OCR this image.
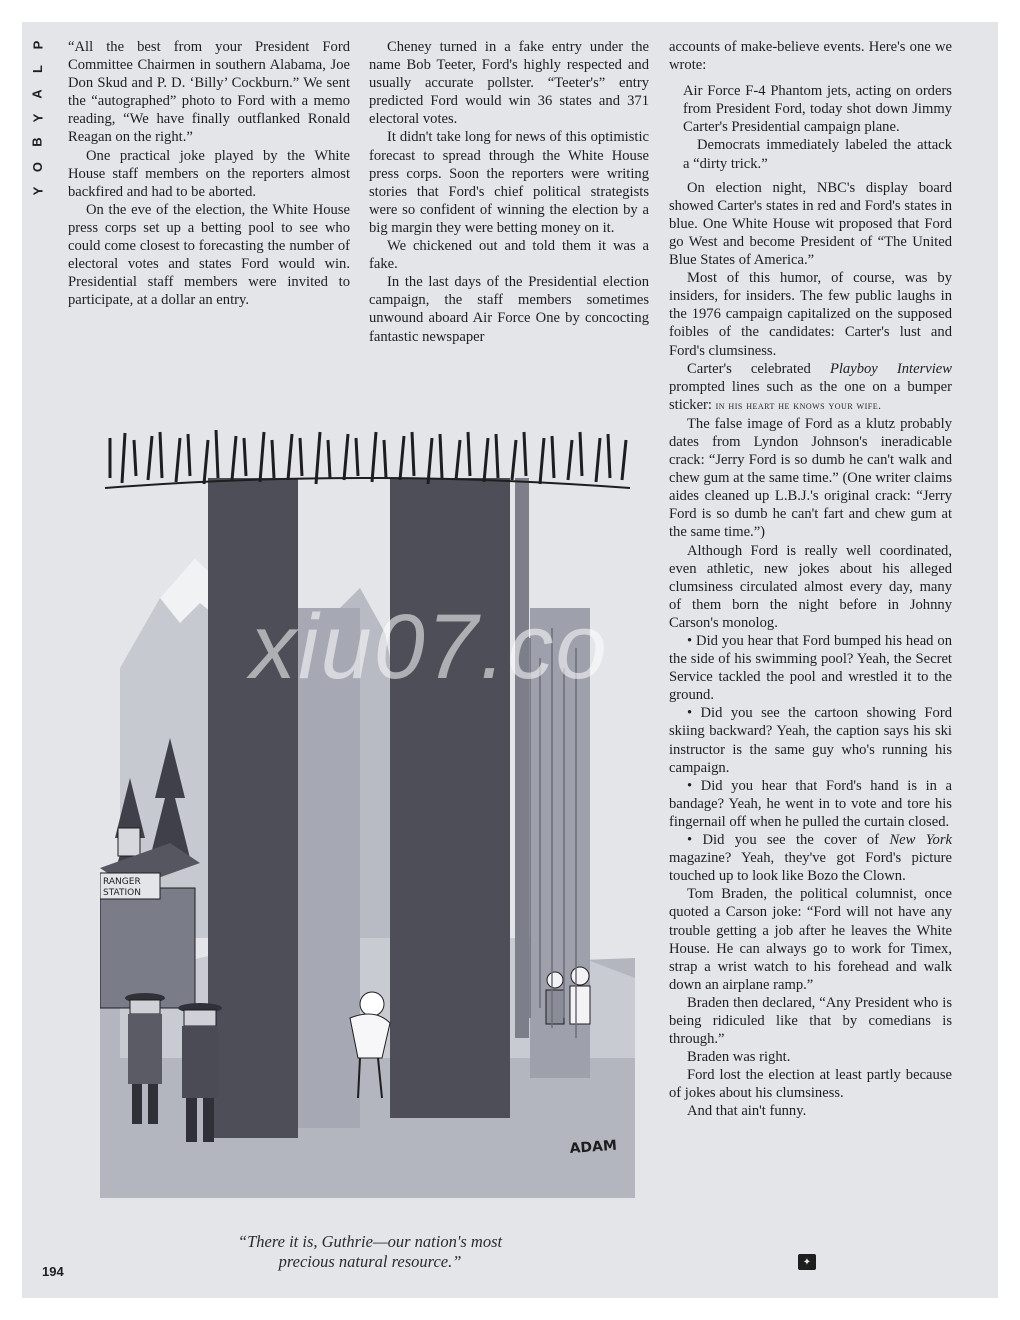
P
L
A
Y
B
O
Y

“All the best from your President Ford Committee Chairmen in southern Alabama, Joe Don Skud and P. D. ‘Billy’ Cockburn.” We sent the “autographed” photo to Ford with a memo reading, “We have finally outflanked Ronald Reagan on the right.”

One practical joke played by the White House staff members on the reporters almost backfired and had to be aborted.

On the eve of the election, the White House press corps set up a betting pool to see who could come closest to forecasting the number of electoral votes and states Ford would win. Presidential staff members were invited to participate, at a dollar an entry.

Cheney turned in a fake entry under the name Bob Teeter, Ford's highly respected and usually accurate pollster. “Teeter's” entry predicted Ford would win 36 states and 371 electoral votes.

It didn't take long for news of this optimistic forecast to spread through the White House press corps. Soon the reporters were writing stories that Ford's chief political strategists were so confident of winning the election by a big margin they were betting money on it.

We chickened out and told them it was a fake.

In the last days of the Presidential election campaign, the staff members sometimes unwound aboard Air Force One by concocting fantastic newspaper

accounts of make-believe events. Here's one we wrote:

Air Force F-4 Phantom jets, acting on orders from President Ford, today shot down Jimmy Carter's Presidential campaign plane.

Democrats immediately labeled the attack a “dirty trick.”

On election night, NBC's display board showed Carter's states in red and Ford's states in blue. One White House wit proposed that Ford go West and become President of “The United Blue States of America.”

Most of this humor, of course, was by insiders, for insiders. The few public laughs in the 1976 campaign capitalized on the supposed foibles of the candidates: Carter's lust and Ford's clumsiness.

Carter's celebrated Playboy Interview prompted lines such as the one on a bumper sticker: in his heart he knows your wife.

The false image of Ford as a klutz probably dates from Lyndon Johnson's ineradicable crack: “Jerry Ford is so dumb he can't walk and chew gum at the same time.” (One writer claims aides cleaned up L.B.J.'s original crack: “Jerry Ford is so dumb he can't fart and chew gum at the same time.”)

Although Ford is really well coordinated, even athletic, new jokes about his alleged clumsiness circulated almost every day, many of them born the night before in Johnny Carson's monolog.

• Did you hear that Ford bumped his head on the side of his swimming pool? Yeah, the Secret Service tackled the pool and wrestled it to the ground.

• Did you see the cartoon showing Ford skiing backward? Yeah, the caption says his ski instructor is the same guy who's running his campaign.

• Did you hear that Ford's hand is in a bandage? Yeah, he went in to vote and tore his fingernail off when he pulled the curtain closed.

• Did you see the cover of New York magazine? Yeah, they've got Ford's picture touched up to look like Bozo the Clown.

Tom Braden, the political columnist, once quoted a Carson joke: “Ford will not have any trouble getting a job after he leaves the White House. He can always go to work for Timex, strap a wrist watch to his forehead and walk down an airplane ramp.”

Braden then declared, “Any President who is being ridiculed like that by comedians is through.”

Braden was right.

Ford lost the election at least partly because of jokes about his clumsiness.

And that ain't funny.

RANGER
STATION
ADAM
xiu07.co
“There it is, Guthrie—our nation's most
precious natural resource.”
194
✦
